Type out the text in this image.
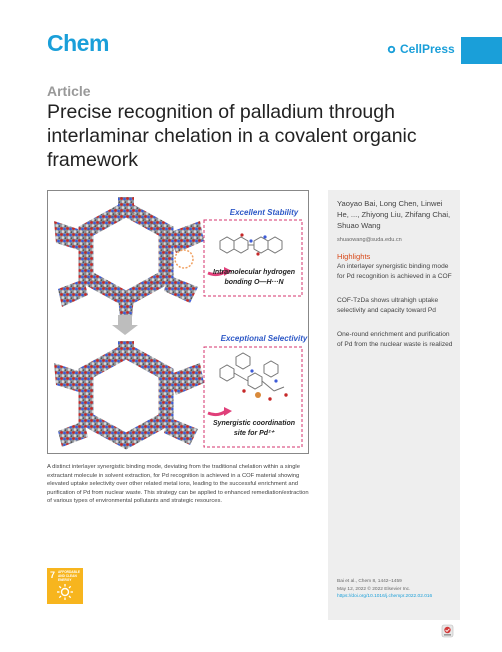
Chem	CellPress
Article
Precise recognition of palladium through interlaminar chelation in a covalent organic framework
Excellent Stability
Intramolecular hydrogen
bonding O—H···N
Exceptional Selectivity
Synergistic coordination
site for Pd²⁺
A distinct interlayer synergistic binding mode, deviating from the traditional chelation within a single extractant molecule in solvent extraction, for Pd recognition is achieved in a COF material showing elevated uptake selectivity over other related metal ions, leading to the successful enrichment and purification of Pd from nuclear waste. This strategy can be applied to enhanced remediation/extraction of various types of environmental pollutants and strategic resources.
7 AFFORDABLE AND CLEAN ENERGY
Yaoyao Bai, Long Chen, Linwei He, ..., Zhiyong Liu, Zhifang Chai, Shuao Wang
shuaowang@suda.edu.cn
Highlights
An interlayer synergistic binding mode for Pd recognition is achieved in a COF
COF-TzDa shows ultrahigh uptake selectivity and capacity toward Pd
One-round enrichment and purification of Pd from the nuclear waste is realized
Bai et al., Chem 8, 1442–1459
May 12, 2022 © 2022 Elsevier Inc.
https://doi.org/10.1016/j.chempr.2022.02.016
